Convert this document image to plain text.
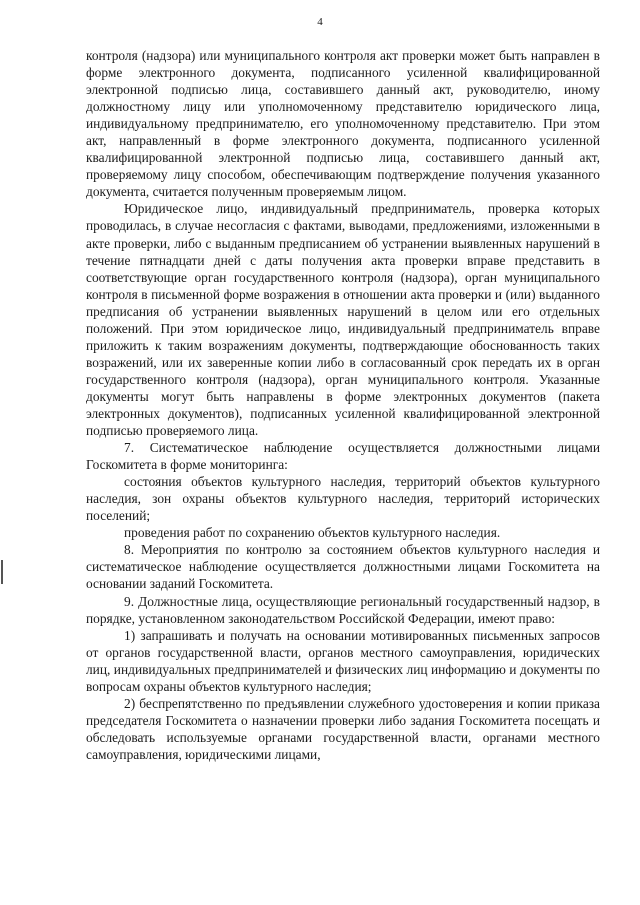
4

контроля (надзора) или муниципального контроля акт проверки может быть направлен в форме электронного документа, подписанного усиленной квалифицированной электронной подписью лица, составившего данный акт, руководителю, иному должностному лицу или уполномоченному представителю юридического лица, индивидуальному предпринимателю, его уполномоченному представителю. При этом акт, направленный в форме электронного документа, подписанного усиленной квалифицированной электронной подписью лица, составившего данный акт, проверяемому лицу способом, обеспечивающим подтверждение получения указанного документа, считается полученным проверяемым лицом.

Юридическое лицо, индивидуальный предприниматель, проверка которых проводилась, в случае несогласия с фактами, выводами, предложениями, изложенными в акте проверки, либо с выданным предписанием об устранении выявленных нарушений в течение пятнадцати дней с даты получения акта проверки вправе представить в соответствующие орган государственного контроля (надзора), орган муниципального контроля в письменной форме возражения в отношении акта проверки и (или) выданного предписания об устранении выявленных нарушений в целом или его отдельных положений. При этом юридическое лицо, индивидуальный предприниматель вправе приложить к таким возражениям документы, подтверждающие обоснованность таких возражений, или их заверенные копии либо в согласованный срок передать их в орган государственного контроля (надзора), орган муниципального контроля. Указанные документы могут быть направлены в форме электронных документов (пакета электронных документов), подписанных усиленной квалифицированной электронной подписью проверяемого лица.

7. Систематическое наблюдение осуществляется должностными лицами Госкомитета в форме мониторинга:

состояния объектов культурного наследия, территорий объектов культурного наследия, зон охраны объектов культурного наследия, территорий исторических поселений;

проведения работ по сохранению объектов культурного наследия.

8. Мероприятия по контролю за состоянием объектов культурного наследия и систематическое наблюдение осуществляется должностными лицами Госкомитета на основании заданий Госкомитета.

9. Должностные лица, осуществляющие региональный государственный надзор, в порядке, установленном законодательством Российской Федерации, имеют право:

1) запрашивать и получать на основании мотивированных письменных запросов от органов государственной власти, органов местного самоуправления, юридических лиц, индивидуальных предпринимателей и физических лиц информацию и документы по вопросам охраны объектов культурного наследия;

2) беспрепятственно по предъявлении служебного удостоверения и копии приказа председателя Госкомитета о назначении проверки либо задания Госкомитета посещать и обследовать используемые органами государственной власти, органами местного самоуправления, юридическими лицами,
